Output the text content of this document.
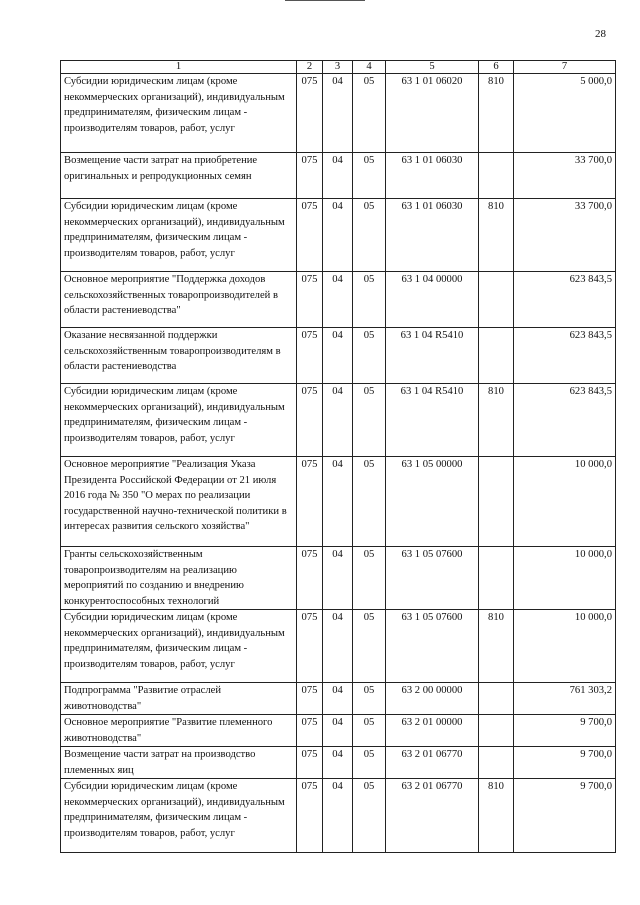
28
1	2	3	4	5	6	7
Субсидии юридическим лицам (кроме некоммерческих организаций), индивидуальным предпринимателям, физическим лицам - производителям товаров, работ, услуг	075	04	05	63 1 01 06020	810	5 000,0
Возмещение части затрат на приобретение оригинальных и репродукционных семян	075	04	05	63 1 01 06030		33 700,0
Субсидии юридическим лицам (кроме некоммерческих организаций), индивидуальным предпринимателям, физическим лицам - производителям товаров, работ, услуг	075	04	05	63 1 01 06030	810	33 700,0
Основное мероприятие "Поддержка доходов сельскохозяйственных товаропроизводителей в области растениеводства"	075	04	05	63 1 04 00000		623 843,5
Оказание несвязанной поддержки сельскохозяйственным товаропроизводителям в области растениеводства	075	04	05	63 1 04 R5410		623 843,5
Субсидии юридическим лицам (кроме некоммерческих организаций), индивидуальным предпринимателям, физическим лицам - производителям товаров, работ, услуг	075	04	05	63 1 04 R5410	810	623 843,5
Основное мероприятие "Реализация Указа Президента Российской Федерации от 21 июля 2016 года № 350 "О мерах по реализации государственной научно-технической политики в интересах развития сельского хозяйства"	075	04	05	63 1 05 00000		10 000,0
Гранты сельскохозяйственным товаропроизводителям на реализацию мероприятий по созданию и внедрению конкурентоспособных технологий	075	04	05	63 1 05 07600		10 000,0
Субсидии юридическим лицам (кроме некоммерческих организаций), индивидуальным предпринимателям, физическим лицам - производителям товаров, работ, услуг	075	04	05	63 1 05 07600	810	10 000,0
Подпрограмма "Развитие отраслей животноводства"	075	04	05	63 2 00 00000		761 303,2
Основное мероприятие "Развитие племенного животноводства"	075	04	05	63 2 01 00000		9 700,0
Возмещение части затрат на производство племенных яиц	075	04	05	63 2 01 06770		9 700,0
Субсидии юридическим лицам (кроме некоммерческих организаций), индивидуальным предпринимателям, физическим лицам - производителям товаров, работ, услуг	075	04	05	63 2 01 06770	810	9 700,0
